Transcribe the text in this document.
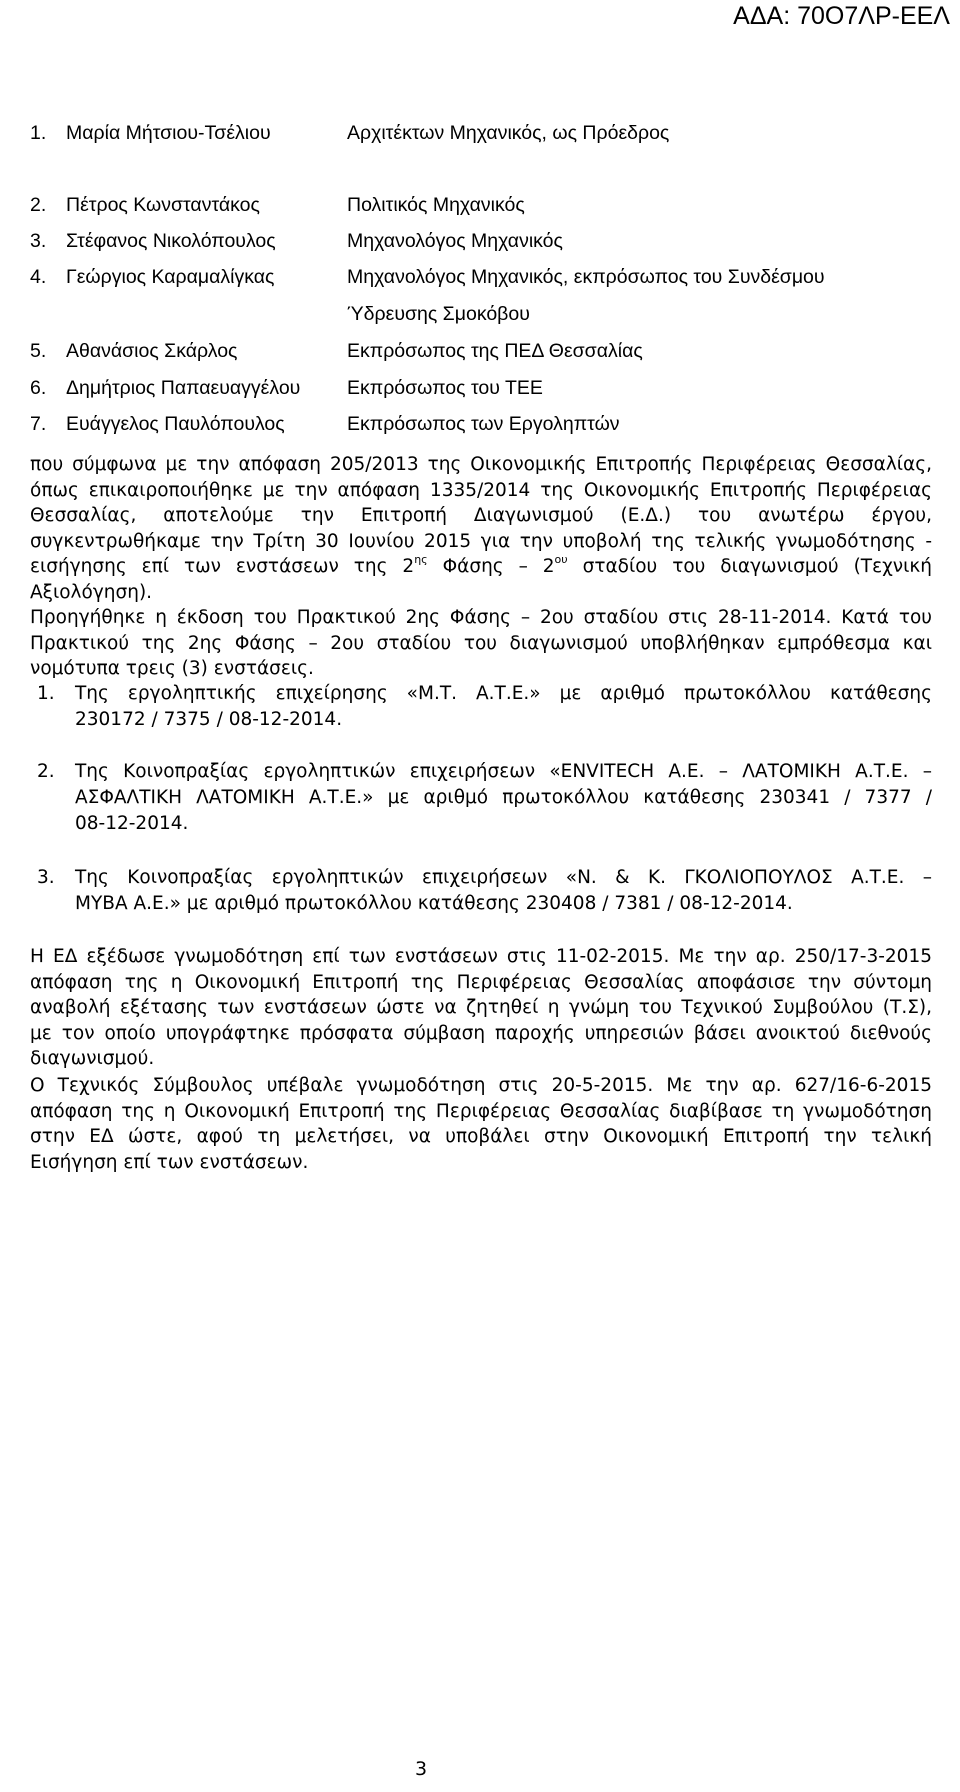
ΑΔΑ: 70Ο7ΛΡ-ΕΕΛ
1. Μαρία Μήτσιου-Τσέλιου	Αρχιτέκτων Μηχανικός, ως Πρόεδρος
2. Πέτρος Κωνσταντάκος	Πολιτικός Μηχανικός
3. Στέφανος Νικολόπουλος	Μηχανολόγος Μηχανικός
4. Γεώργιος Καραμαλίγκας	Μηχανολόγος Μηχανικός, εκπρόσωπος του Συνδέσμου
Ύδρευσης Σμοκόβου
5. Αθανάσιος Σκάρλος	Εκπρόσωπος της ΠΕΔ Θεσσαλίας
6. Δημήτριος Παπαευαγγέλου Εκπρόσωπος του ΤΕΕ
7. Ευάγγελος Παυλόπουλος	Εκπρόσωπος των Εργοληπτών
που σύμφωνα με την απόφαση 205/2013 της Οικονομικής Επιτροπής Περιφέρειας Θεσσαλίας,
όπως επικαιροποιήθηκε με την απόφαση 1335/2014 της Οικονομικής Επιτροπής Περιφέρειας
Θεσσαλίας, αποτελούμε την Επιτροπή Διαγωνισμού (Ε.Δ.) του ανωτέρω έργου,
συγκεντρωθήκαμε την Τρίτη 30 Ιουνίου 2015 για την υποβολή της τελικής γνωμοδότησης -
εισήγησης επί των ενστάσεων της $2^{\eta\varsigma}$ Φάσης – $2^{o\upsilon}$ σταδίου του διαγωνισμού (Τεχνική
Αξιολόγηση).
Προηγήθηκε η έκδοση του Πρακτικού 2ης Φάσης – 2ου σταδίου στις 28-11-2014. Κατά του
Πρακτικού της 2ης Φάσης – 2ου σταδίου του διαγωνισμού υποβλήθηκαν εμπρόθεσμα και
νομότυπα τρεις (3) ενστάσεις.
1. Της εργοληπτικής επιχείρησης «Μ.Τ. Α.Τ.Ε.» με αριθμό πρωτοκόλλου κατάθεσης
230172 / 7375 / 08-12-2014.
2. Της Κοινοπραξίας εργοληπτικών επιχειρήσεων «ENVITECH Α.Ε. – ΛΑΤΟΜΙΚΗ Α.Τ.Ε. –
ΑΣΦΑΛΤΙΚΗ ΛΑΤΟΜΙΚΗ Α.Τ.Ε.» με αριθμό πρωτοκόλλου κατάθεσης 230341 / 7377 /
08-12-2014.
3. Της Κοινοπραξίας εργοληπτικών επιχειρήσεων «Ν. & Κ. ΓΚΟΛΙΟΠΟΥΛΟΣ Α.Τ.Ε. –
ΜΥΒΑ Α.Ε.» με αριθμό πρωτοκόλλου κατάθεσης 230408 / 7381 / 08-12-2014.
Η ΕΔ εξέδωσε γνωμοδότηση επί των ενστάσεων στις 11-02-2015. Με την αρ. 250/17-3-2015
απόφαση της η Οικονομική Επιτροπή της Περιφέρειας Θεσσαλίας αποφάσισε την σύντομη
αναβολή εξέτασης των ενστάσεων ώστε να ζητηθεί η γνώμη του Τεχνικού Συμβούλου (Τ.Σ),
με τον οποίο υπογράφτηκε πρόσφατα σύμβαση παροχής υπηρεσιών βάσει ανοικτού διεθνούς
διαγωνισμού.
Ο Τεχνικός Σύμβουλος υπέβαλε γνωμοδότηση στις 20-5-2015. Με την αρ. 627/16-6-2015
απόφαση της η Οικονομική Επιτροπή της Περιφέρειας Θεσσαλίας διαβίβασε τη γνωμοδότηση
στην ΕΔ ώστε, αφού τη μελετήσει, να υποβάλει στην Οικονομική Επιτροπή την τελική
Εισήγηση επί των ενστάσεων.
3
